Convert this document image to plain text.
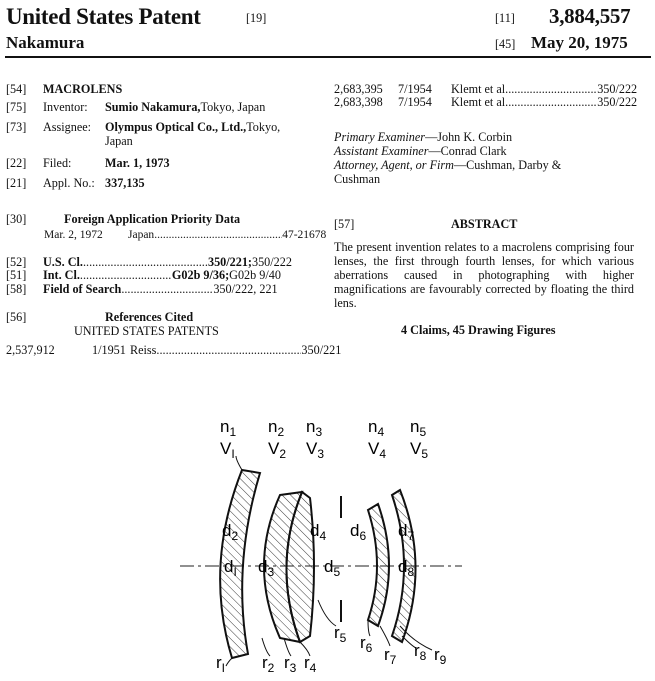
United States Patent	[19]
Nakamura
[11] 3,884,557
[45] May 20, 1975
[54]	MACROLENS
[75]	Inventor:	Sumio Nakamura, Tokyo, Japan
[73]	Assignee:	Olympus Optical Co., Ltd., Tokyo,
Japan
[22]	Filed:	Mar. 1, 1973
[21]	Appl. No.: 337,135
[30]	Foreign Application Priority Data
Mar. 2, 1972	Japan .....	47-21678
[52]	U.S. Cl. .....	350/221; 350/222
[51]	Int. Cl. .....	G02b 9/36; G02b 9/40
[58]	Field of Search .....	350/222, 221
[56]	References Cited
UNITED STATES PATENTS
2,537,912	1/1951 Reiss .....	350/221
2,683,395	7/1954	Klemt et al. .....	350/222
2,683,398	7/1954	Klemt et al. .....	350/222
Primary Examiner —John K. Corbin
Assistant Examiner —Conrad Clark
Attorney, Agent, or Firm —Cushman, Darby &
Cushman
[57]	ABSTRACT
The present invention relates to a macrolens comprising four lenses, the first through fourth lenses, for which various aberrations caused in photographing with higher magnifications are favourably corrected by floating the third lens.
4 Claims, 45 Drawing Figures
$n_1$
$V_I$
$n_2$
$V_2$
$n_3$
$V_3$
$n_4$
$V_4$
$n_5$
$V_5$
$d_2$
$d_I$ $d_3$
$d_4$
$d_5$
$d_6$ $d_7$
$d_8$
$r_I$ $r_2$ $r_3$ $r_4$
$r_5$ $r_6$ $r_7$ $r_8$ $r_9$
